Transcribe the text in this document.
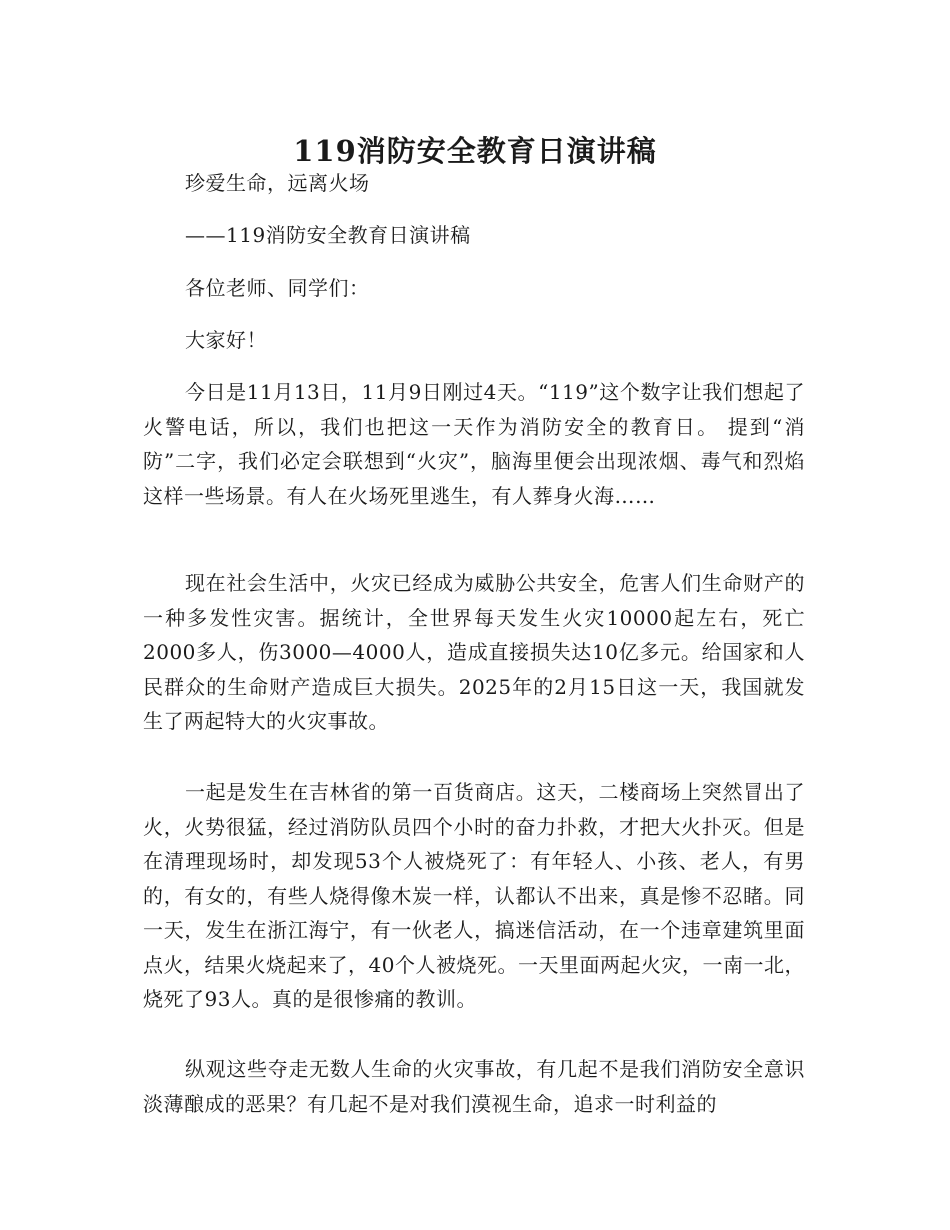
119消防安全教育日演讲稿

珍爱生命，远离火场

——119消防安全教育日演讲稿

各位老师、同学们：

大家好！

今日是11月13日，11月9日刚过4天。“119”这个数字让我们想起了火警电话，所以，我们也把这一天作为消防安全的教育日。 提到“消防”二字，我们必定会联想到“火灾”，脑海里便会出现浓烟、毒气和烈焰这样一些场景。有人在火场死里逃生，有人葬身火海……

现在社会生活中，火灾已经成为威胁公共安全，危害人们生命财产的一种多发性灾害。据统计，全世界每天发生火灾10000起左右，死亡2000多人，伤3000—4000人，造成直接损失达10亿多元。给国家和人民群众的生命财产造成巨大损失。2025年的2月15日这一天，我国就发生了两起特大的火灾事故。

一起是发生在吉林省的第一百货商店。这天，二楼商场上突然冒出了火，火势很猛，经过消防队员四个小时的奋力扑救，才把大火扑灭。但是在清理现场时，却发现53个人被烧死了：有年轻人、小孩、老人，有男的，有女的，有些人烧得像木炭一样，认都认不出来，真是惨不忍睹。同一天，发生在浙江海宁，有一伙老人，搞迷信活动，在一个违章建筑里面点火，结果火烧起来了，40个人被烧死。一天里面两起火灾，一南一北，烧死了93人。真的是很惨痛的教训。

纵观这些夺走无数人生命的火灾事故，有几起不是我们消防安全意识淡薄酿成的恶果？有几起不是对我们漠视生命，追求一时利益的
